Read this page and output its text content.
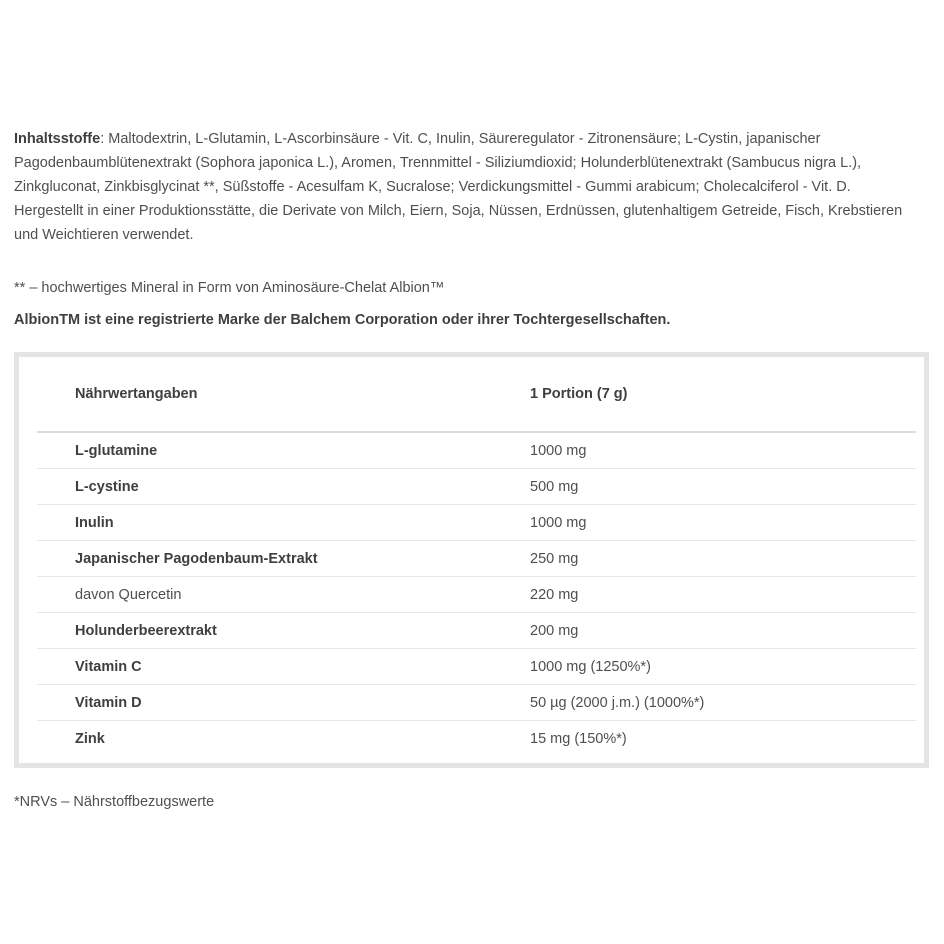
Inhaltsstoffe: Maltodextrin, L-Glutamin, L-Ascorbinsäure - Vit. C, Inulin, Säureregulator - Zitronensäure; L-Cystin, japanischer Pagodenbaumblütenextrakt (Sophora japonica L.), Aromen, Trennmittel - Siliziumdioxid; Holunderblütenextrakt (Sambucus nigra L.), Zinkgluconat, Zinkbisglycinat **, Süßstoffe - Acesulfam K, Sucralose; Verdickungsmittel - Gummi arabicum; Cholecalciferol - Vit. D.

Hergestellt in einer Produktionsstätte, die Derivate von Milch, Eiern, Soja, Nüssen, Erdnüssen, glutenhaltigem Getreide, Fisch, Krebstieren und Weichtieren verwendet.

** – hochwertiges Mineral in Form von Aminosäure-Chelat Albion™
AlbionTM ist eine registrierte Marke der Balchem Corporation oder ihrer Tochtergesellschaften.
Nährwertangaben	1 Portion (7 g)
L-glutamine	1000 mg
L-cystine	500 mg
Inulin	1000 mg
Japanischer Pagodenbaum-Extrakt	250 mg
davon Quercetin	220 mg
Holunderbeerextrakt	200 mg
Vitamin C	1000 mg (1250%*)
Vitamin D	50 µg (2000 j.m.) (1000%*)
Zink	15 mg (150%*)
*NRVs – Nährstoffbezugswerte
